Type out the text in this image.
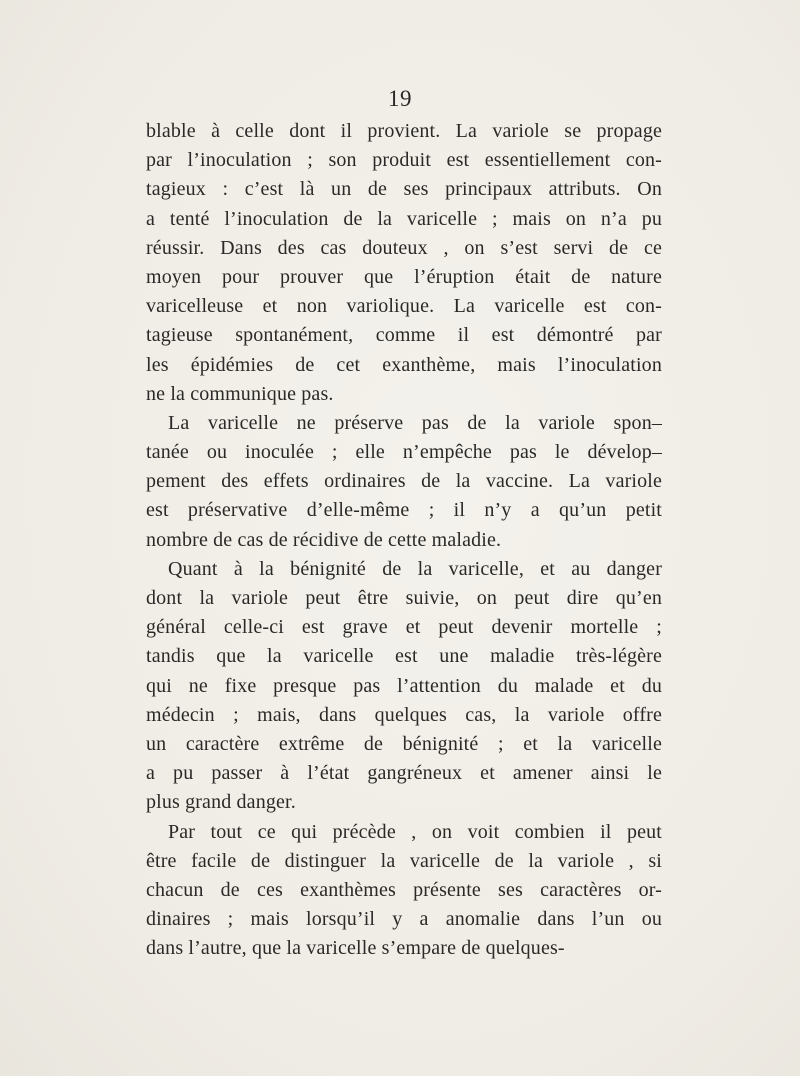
19
blable à celle dont il provient. La variole se propage
par l’inoculation ; son produit est essentiellement con-
tagieux : c’est là un de ses principaux attributs. On
a tenté l’inoculation de la varicelle ; mais on n’a pu
réussir. Dans des cas douteux , on s’est servi de ce
moyen pour prouver que l’éruption était de nature
varicelleuse et non variolique. La varicelle est con-
tagieuse spontanément, comme il est démontré par
les épidémies de cet exanthème, mais l’inoculation
ne la communique pas.
La varicelle ne préserve pas de la variole spon–
tanée ou inoculée ; elle n’empêche pas le dévelop–
pement des effets ordinaires de la vaccine. La variole
est préservative d’elle-même ; il n’y a qu’un petit
nombre de cas de récidive de cette maladie.
Quant à la bénignité de la varicelle, et au danger
dont la variole peut être suivie, on peut dire qu’en
général celle-ci est grave et peut devenir mortelle ;
tandis que la varicelle est une maladie très-légère
qui ne fixe presque pas l’attention du malade et du
médecin ; mais, dans quelques cas, la variole offre
un caractère extrême de bénignité ; et la varicelle
a pu passer à l’état gangréneux et amener ainsi le
plus grand danger.
Par tout ce qui précède , on voit combien il peut
être facile de distinguer la varicelle de la variole , si
chacun de ces exanthèmes présente ses caractères or-
dinaires ; mais lorsqu’il y a anomalie dans l’un ou
dans l’autre, que la varicelle s’empare de quelques-
